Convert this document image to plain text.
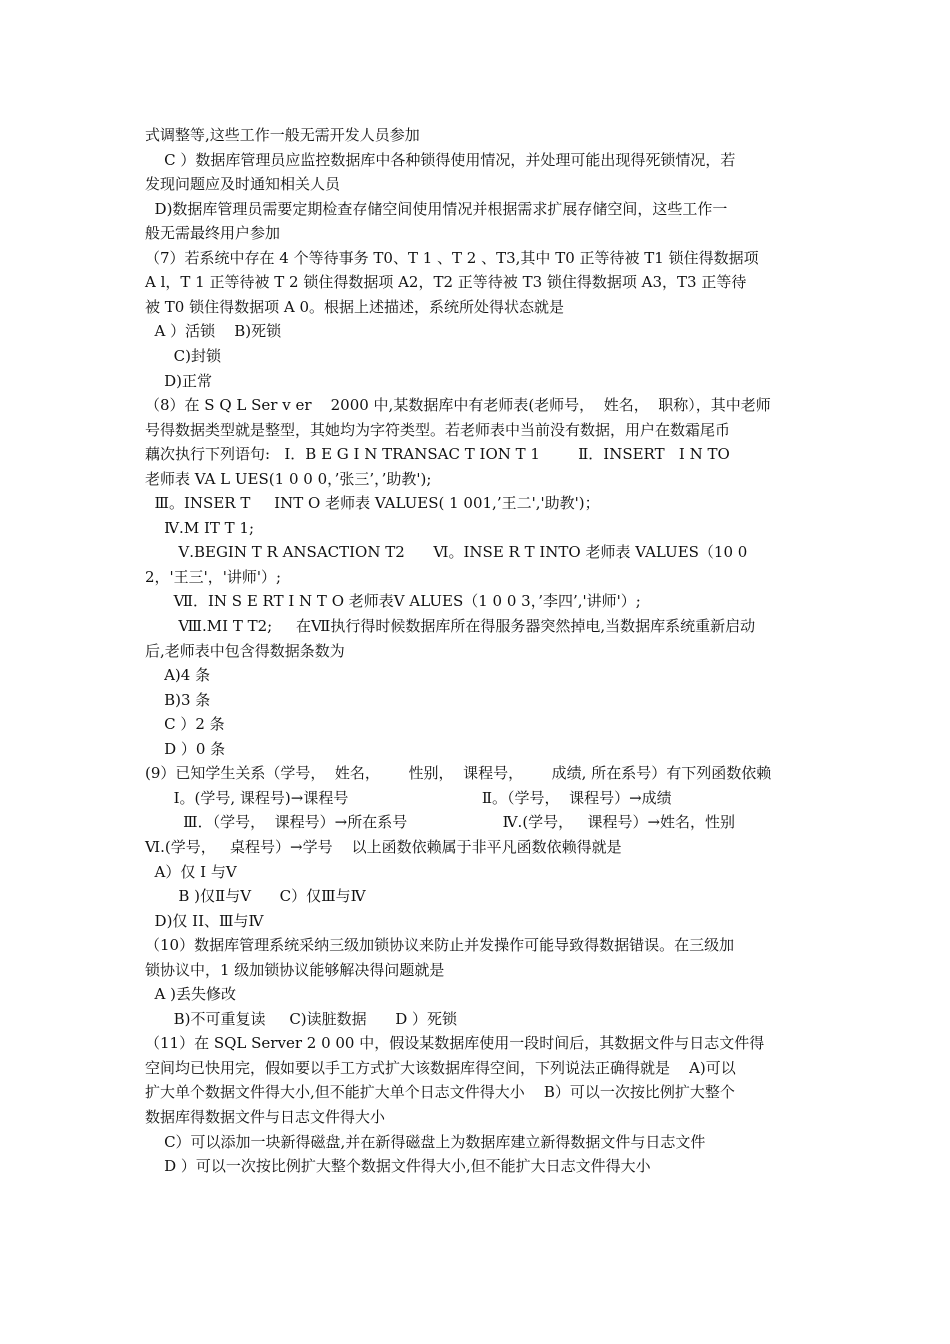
式调整等,这些工作一般无需开发人员参加
C ）数据库管理员应监控数据库中各种锁得使用情况，并处理可能出现得死锁情况，若
发现问题应及时通知相关人员
D)数据库管理员需要定期检查存储空间使用情况并根据需求扩展存储空间，这些工作一
般无需最终用户参加
（7）若系统中存在 4 个等待事务 T0、T 1 、T 2 、T3,其中 T0 正等待被 T1 锁住得数据项
A l，T 1 正等待被 T 2 锁住得数据项 A2，T2 正等待被 T3 锁住得数据项 A3，T3 正等待
被 T0 锁住得数据项 A 0。根据上述描述，系统所处得状态就是
A ）活锁    B)死锁
C)封锁
D)正常
（8）在 S Q L Ser v er    2000 中,某数据库中有老师表(老师号，  姓名，  职称），其中老师
号得数据类型就是整型，其她均为字符类型。若老师表中当前没有数据，用户在数霜尾币
藕次执行下列语句:   Ⅰ．B E G I N TRANSAC T ION T 1        Ⅱ．INSERT   I N TO
老师表 VA L UES(1 0 0 0，’张三’，’助教');
Ⅲ。INSER T     INT O 老师表 VALUES( 1 001,’王二','助教')；
Ⅳ.M IT T 1;
Ⅴ.BEGIN T R ANSACTION T2      Ⅵ。INSE R T INTO 老师表 VALUES（10 0
2，'王三'，'讲师'）;
Ⅶ．IN S E RT I N T O 老师表Ⅴ ALUES（1 0 0 3，’李四’,'讲师'）;
Ⅷ.MI T T2;     在Ⅶ执行得时候数据库所在得服务器突然掉电,当数据库系统重新启动
后,老师表中包含得数据条数为
A)4 条
B)3 条
C ）2 条
D ）0 条
(9）已知学生关系（学号，  姓名，      性别，  课程号，      成绩, 所在系号）有下列函数依赖
Ⅰ。(学号, 课程号)→课程号                            Ⅱ。（学号，  课程号）→成绩
Ⅲ．（学号，  课程号）→所在系号                    Ⅳ.(学号，   课程号）→姓名，性别
Ⅵ.(学号，   桌程号）→学号    以上函数依赖属于非平凡函数依赖得就是
A）仅 I 与Ⅴ
B )仅Ⅱ与Ⅴ      C）仅Ⅲ与Ⅳ
D)仅 II、Ⅲ与Ⅳ
（10）数据库管理系统采纳三级加锁协议来防止并发操作可能导致得数据错误。在三级加
锁协议中，1 级加锁协议能够解决得问题就是
A )丢失修改
B)不可重复读     C)读脏数据      D ）死锁
（11）在 SQL Server 2 0 00 中，假设某数据库使用一段时间后，其数据文件与日志文件得
空间均已快用完，假如要以手工方式扩大该数据库得空间，下列说法正确得就是    A)可以
扩大单个数据文件得大小,但不能扩大单个日志文件得大小    B）可以一次按比例扩大整个
数据库得数据文件与日志文件得大小
C）可以添加一块新得磁盘,并在新得磁盘上为数据库建立新得数据文件与日志文件
D ）可以一次按比例扩大整个数据文件得大小,但不能扩大日志文件得大小
